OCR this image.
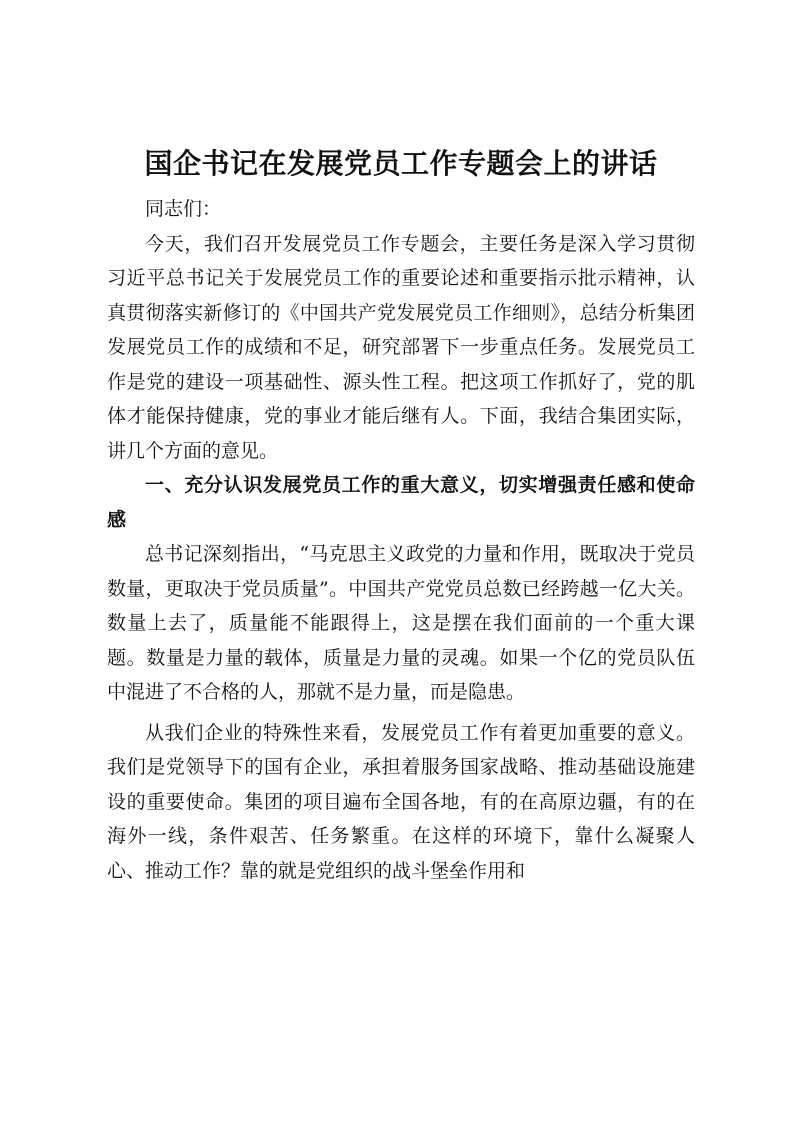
国企书记在发展党员工作专题会上的讲话

同志们：

今天，我们召开发展党员工作专题会，主要任务是深入学习贯彻习近平总书记关于发展党员工作的重要论述和重要指示批示精神，认真贯彻落实新修订的《中国共产党发展党员工作细则》，总结分析集团发展党员工作的成绩和不足，研究部署下一步重点任务。发展党员工作是党的建设一项基础性、源头性工程。把这项工作抓好了，党的肌体才能保持健康，党的事业才能后继有人。下面，我结合集团实际，讲几个方面的意见。

一、充分认识发展党员工作的重大意义，切实增强责任感和使命感

总书记深刻指出，“马克思主义政党的力量和作用，既取决于党员数量，更取决于党员质量”。中国共产党党员总数已经跨越一亿大关。数量上去了，质量能不能跟得上，这是摆在我们面前的一个重大课题。数量是力量的载体，质量是力量的灵魂。如果一个亿的党员队伍中混进了不合格的人，那就不是力量，而是隐患。

从我们企业的特殊性来看，发展党员工作有着更加重要的意义。我们是党领导下的国有企业，承担着服务国家战略、推动基础设施建设的重要使命。集团的项目遍布全国各地，有的在高原边疆，有的在海外一线，条件艰苦、任务繁重。在这样的环境下，靠什么凝聚人心、推动工作？靠的就是党组织的战斗堡垒作用和
